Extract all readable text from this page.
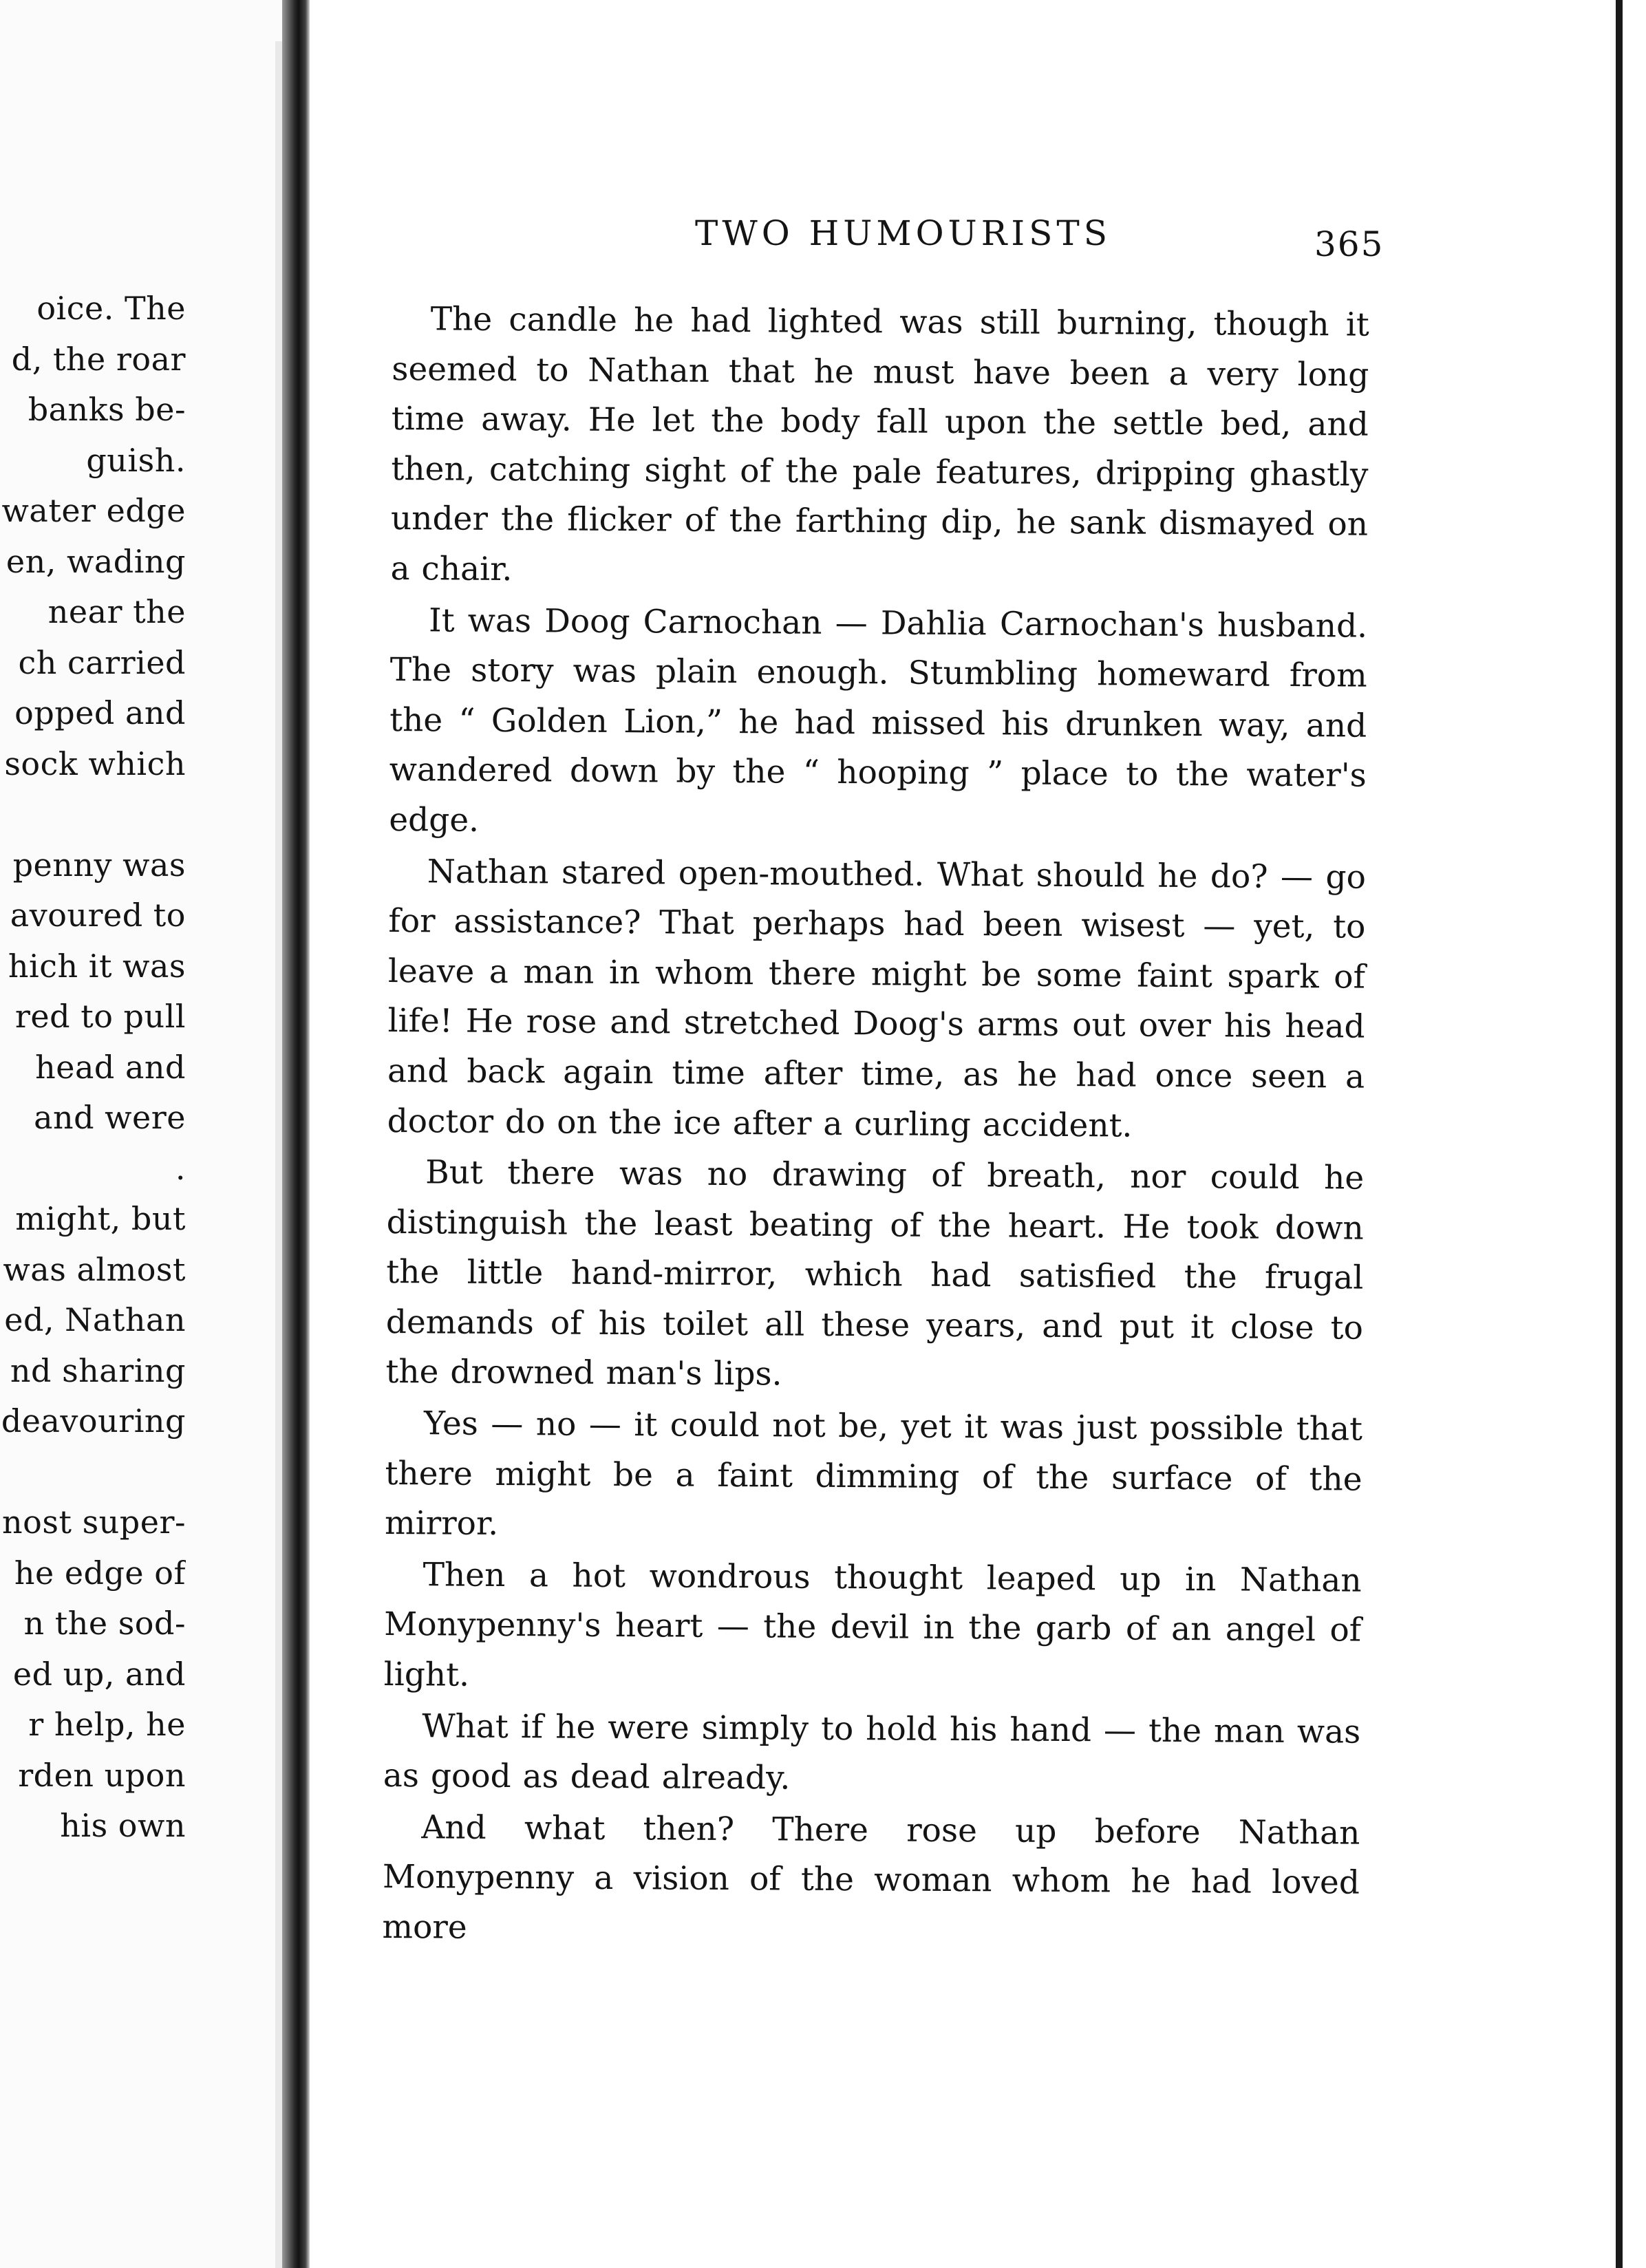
oice. The
d, the roar
banks be-
guish.
water edge
en, wading
near the
ch carried
opped and
sock which
penny was
avoured to
hich it was
red to pull
head and
and were
.
might, but
was almost
ed, Nathan
nd sharing
deavouring
nost super-
he edge of
n the sod-
ed up, and
r help, he
rden upon
his own
TWO HUMOURISTS	365

The candle he had lighted was still burning, though it seemed to Nathan that he must have been a very long time away. He let the body fall upon the settle bed, and then, catching sight of the pale features, dripping ghastly under the flicker of the farthing dip, he sank dismayed on a chair.

It was Doog Carnochan — Dahlia Carnochan's husband. The story was plain enough. Stumbling homeward from the “ Golden Lion,” he had missed his drunken way, and wandered down by the “ hooping ” place to the water's edge.

Nathan stared open-mouthed. What should he do? — go for assistance? That perhaps had been wisest — yet, to leave a man in whom there might be some faint spark of life! He rose and stretched Doog's arms out over his head and back again time after time, as he had once seen a doctor do on the ice after a curling accident.

But there was no drawing of breath, nor could he distinguish the least beating of the heart. He took down the little hand-mirror, which had satisfied the frugal demands of his toilet all these years, and put it close to the drowned man's lips.

Yes — no — it could not be, yet it was just possible that there might be a faint dimming of the surface of the mirror.

Then a hot wondrous thought leaped up in Nathan Monypenny's heart — the devil in the garb of an angel of light.

What if he were simply to hold his hand — the man was as good as dead already.

And what then? There rose up before Nathan Monypenny a vision of the woman whom he had loved more
